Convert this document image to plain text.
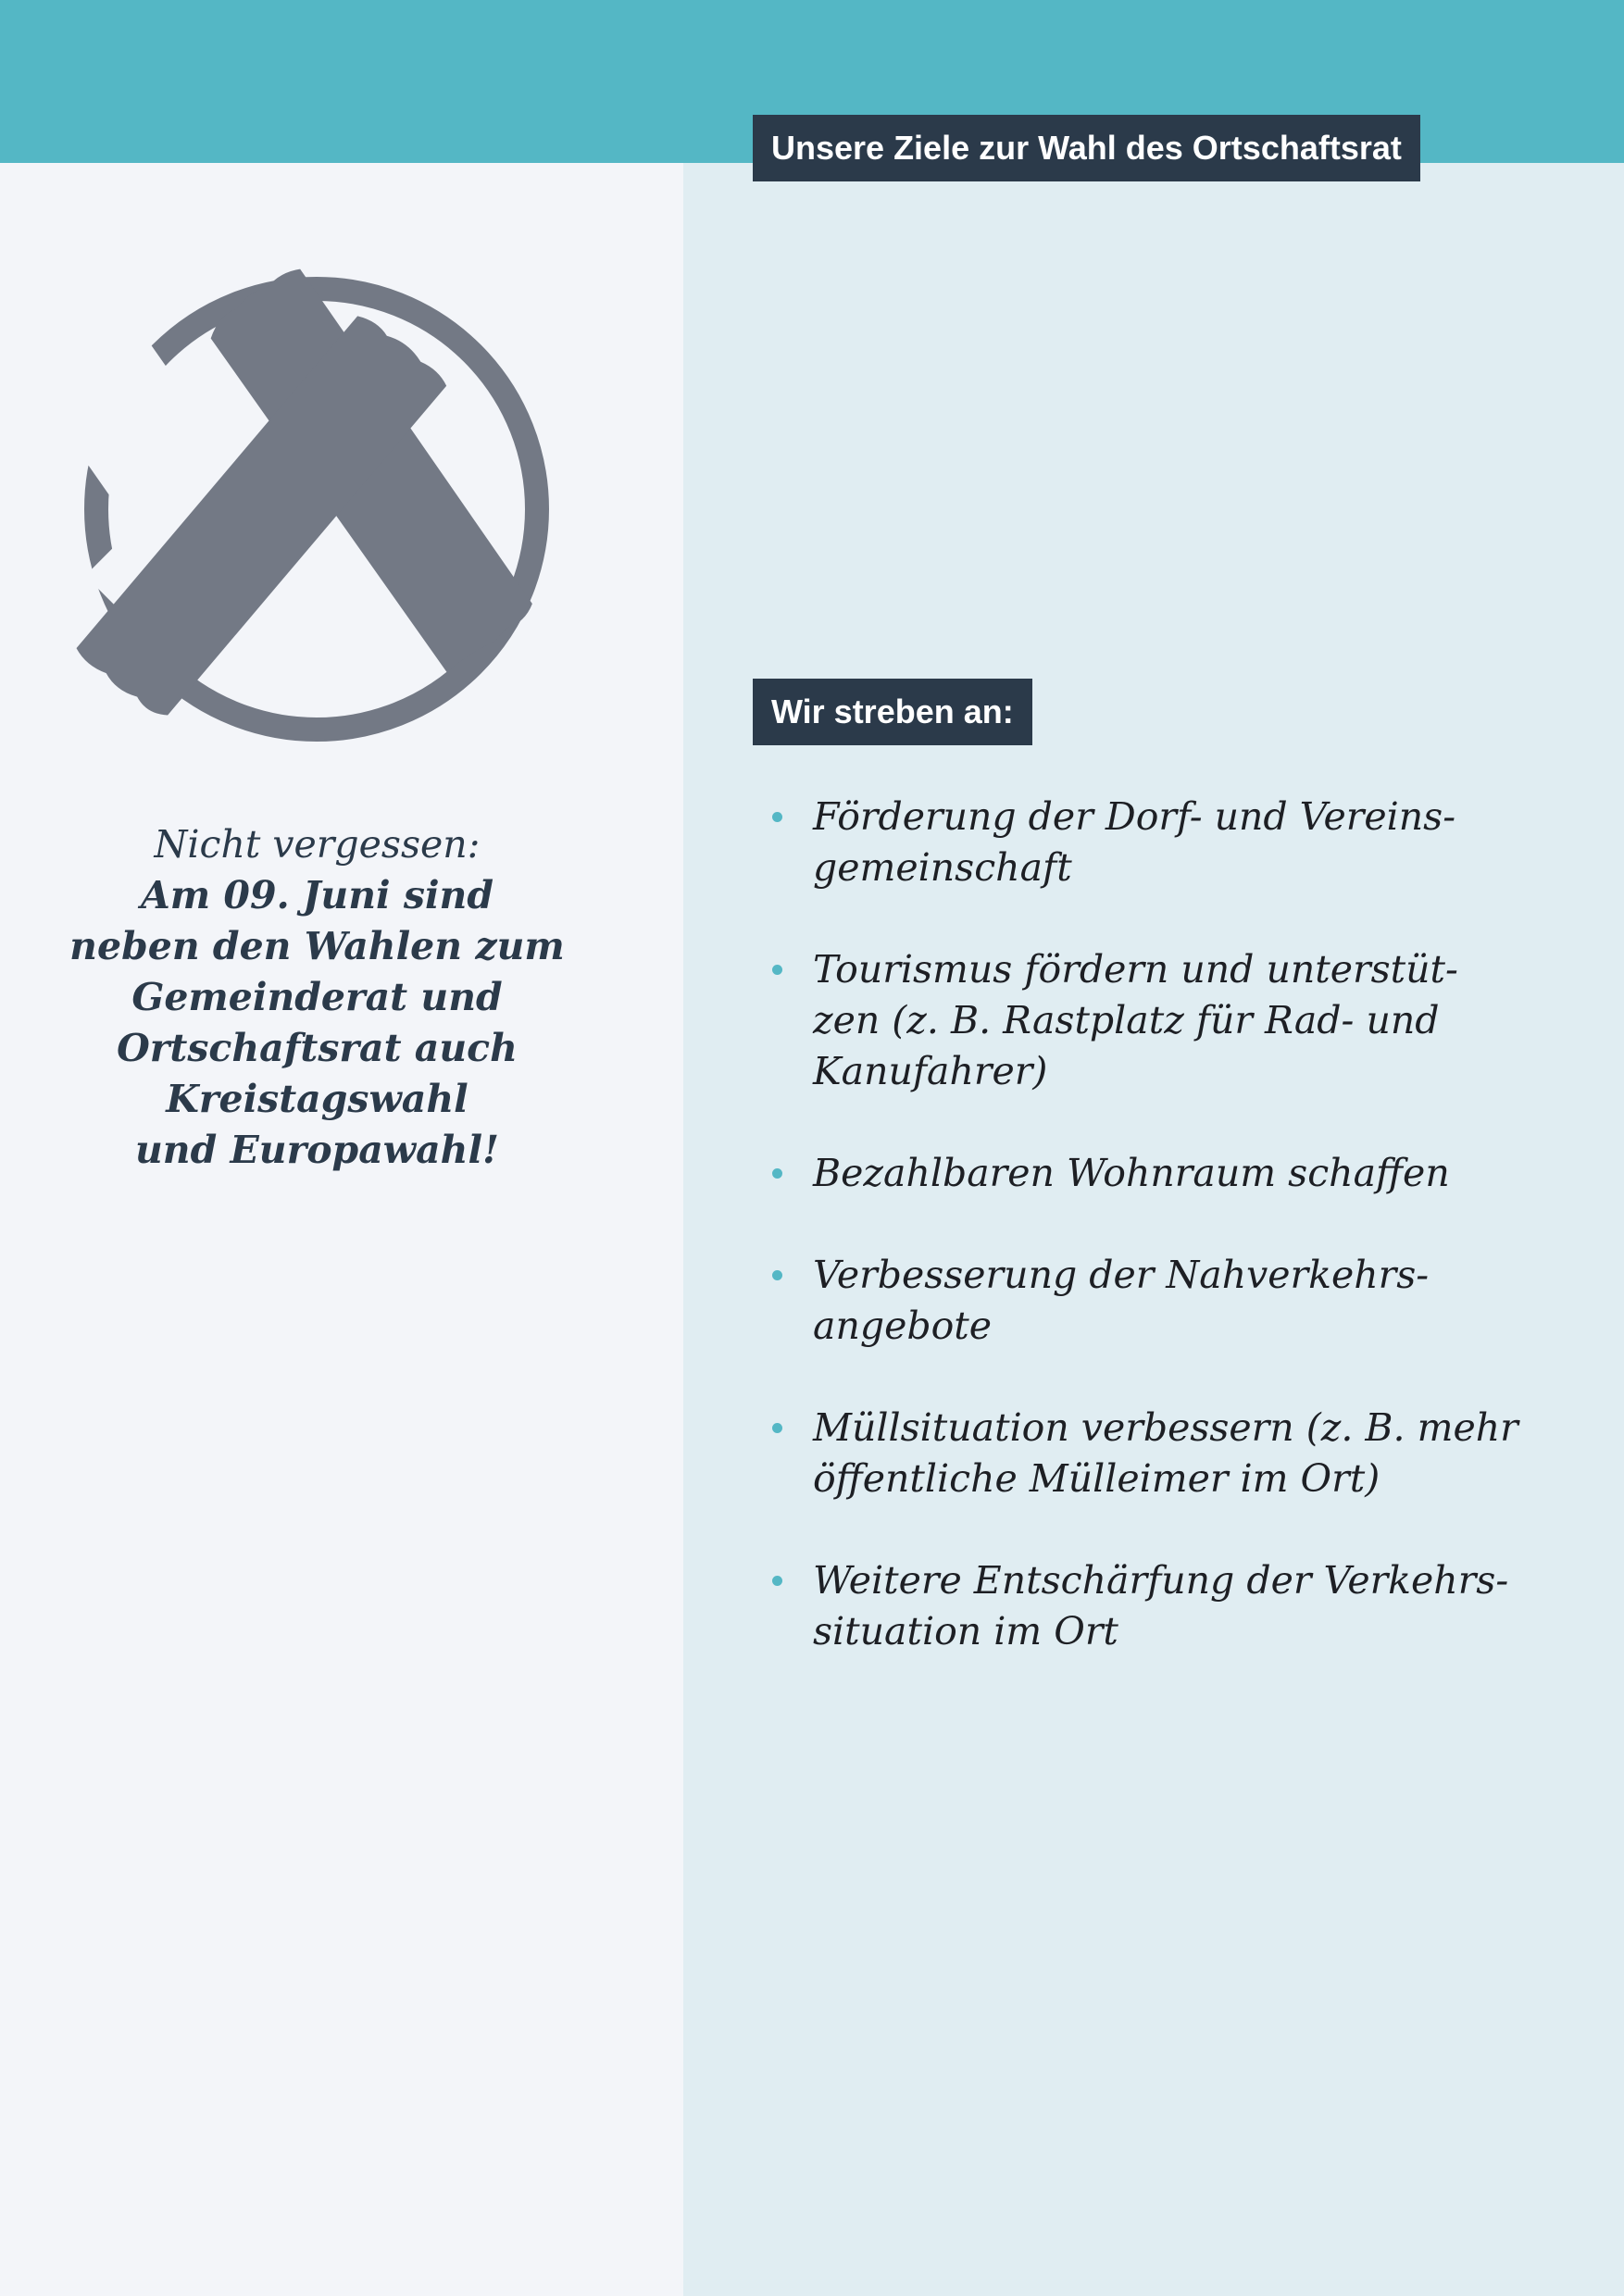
Unsere Ziele zur Wahl des Ortschaftsrat
Nicht vergessen:
Am 09. Juni sind
neben den Wahlen zum
Gemeinderat und
Ortschaftsrat auch
Kreistagswahl
und Europawahl!
Wir streben an:
Förderung der Dorf- und Vereins-
gemeinschaft
Tourismus fördern und unterstüt-
zen (z. B. Rastplatz für Rad- und
Kanufahrer)
Bezahlbaren Wohnraum schaffen
Verbesserung der Nahverkehrs-
angebote
Müllsituation verbessern (z. B. mehr
öffentliche Mülleimer im Ort)
Weitere Entschärfung der Verkehrs-
situation im Ort
